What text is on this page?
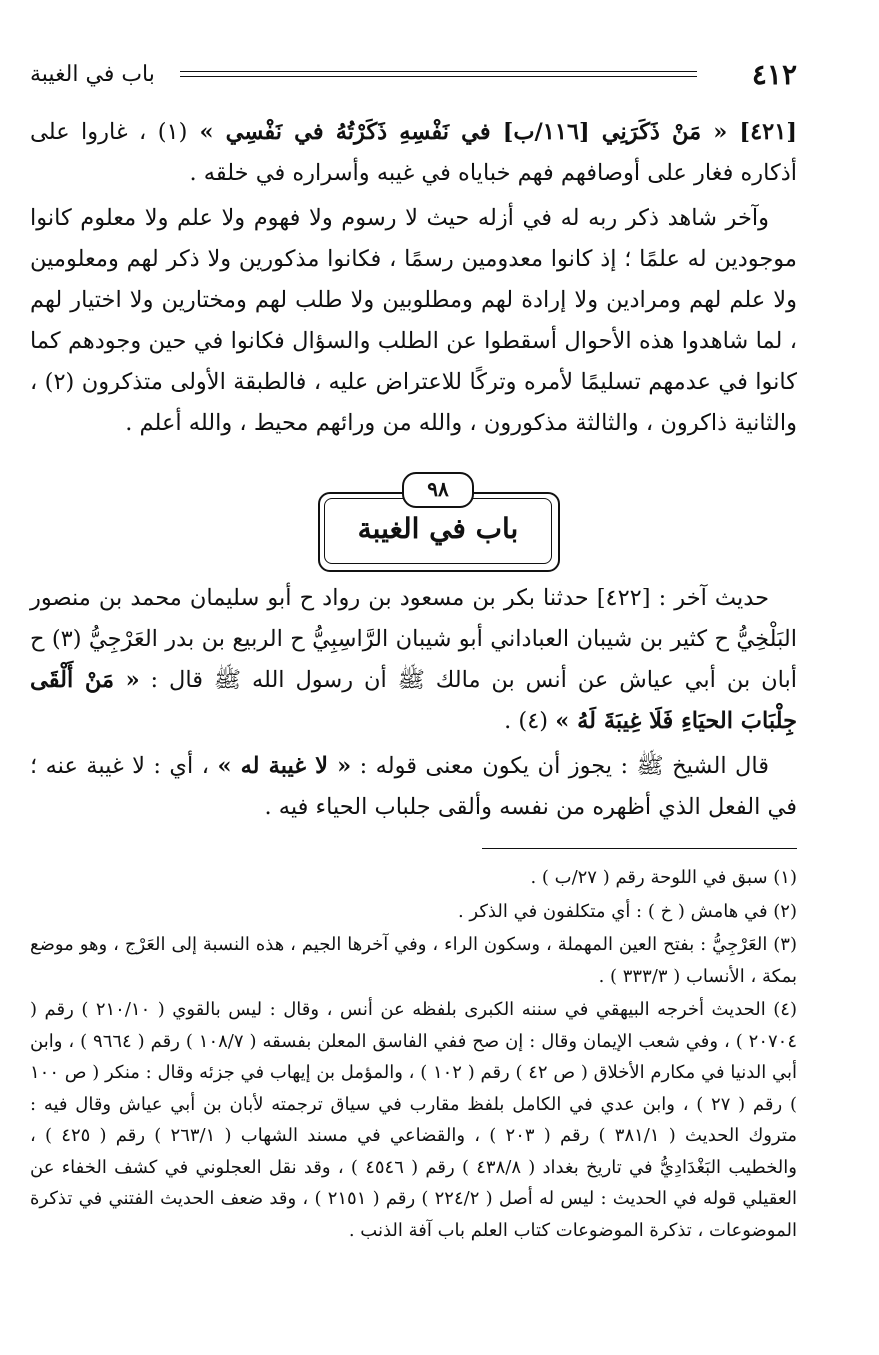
٤١٢
باب في الغيبة

[٤٢١] « مَنْ ذَكَرَنِي [١١٦/ب] في نَفْسِهِ ذَكَرْتُهُ في نَفْسِي » (١) ، غاروا على أذكاره فغار على أوصافهم فهم خباياه في غيبه وأسراره في خلقه .

وآخر شاهد ذكر ربه له في أزله حيث لا رسوم ولا فهوم ولا علم ولا معلوم كانوا موجودين له علمًا ؛ إذ كانوا معدومين رسمًا ، فكانوا مذكورين ولا ذكر لهم ومعلومين ولا علم لهم ومرادين ولا إرادة لهم ومطلوبين ولا طلب لهم ومختارين ولا اختيار لهم ، لما شاهدوا هذه الأحوال أسقطوا عن الطلب والسؤال فكانوا في حين وجودهم كما كانوا في عدمهم تسليمًا لأمره وتركًا للاعتراض عليه ، فالطبقة الأولى متذكرون (٢) ، والثانية ذاكرون ، والثالثة مذكورون ، والله من ورائهم محيط ، والله أعلم .

باب في الغيبة
٩٨

حديث آخر : [٤٢٢] حدثنا بكر بن مسعود بن رواد ح أبو سليمان محمد بن منصور البَلْخِيُّ ح كثير بن شيبان العباداني أبو شيبان الرَّاسِبِيُّ ح الربيع بن بدر العَرْجِيُّ (٣) ح أبان بن أبي عياش عن أنس بن مالك ﷺ أن رسول الله ﷺ قال : « مَنْ أَلْقَى جِلْبَابَ الحيَاءِ فَلَا غِيبَةَ لَهُ » (٤) .

قال الشيخ ﷺ : يجوز أن يكون معنى قوله : « لا غيبة له » ، أي : لا غيبة عنه ؛ في الفعل الذي أظهره من نفسه وألقى جلباب الحياء فيه .

(١) سبق في اللوحة رقم ( ٢٧/ب ) .

(٢) في هامش ( خ ) : أي متكلفون في الذكر .

(٣) العَرْجِيُّ : بفتح العين المهملة ، وسكون الراء ، وفي آخرها الجيم ، هذه النسبة إلى العَرْج ، وهو موضع بمكة ، الأنساب ( ٣٣٣/٣ ) .

(٤) الحديث أخرجه البيهقي في سننه الكبرى بلفظه عن أنس ، وقال : ليس بالقوي ( ٢١٠/١٠ ) رقم ( ٢٠٧٠٤ ) ، وفي شعب الإيمان وقال : إن صح ففي الفاسق المعلن بفسقه ( ١٠٨/٧ ) رقم ( ٩٦٦٤ ) ، وابن أبي الدنيا في مكارم الأخلاق ( ص ٤٢ ) رقم ( ١٠٢ ) ، والمؤمل بن إيهاب في جزئه وقال : منكر ( ص ١٠٠ ) رقم ( ٢٧ ) ، وابن عدي في الكامل بلفظ مقارب في سياق ترجمته لأبان بن أبي عياش وقال فيه : متروك الحديث ( ٣٨١/١ ) رقم ( ٢٠٣ ) ، والقضاعي في مسند الشهاب ( ٢٦٣/١ ) رقم ( ٤٢٥ ) ، والخطيب البَغْدَادِيُّ في تاريخ بغداد ( ٤٣٨/٨ ) رقم ( ٤٥٤٦ ) ، وقد نقل العجلوني في كشف الخفاء عن العقيلي قوله في الحديث : ليس له أصل ( ٢٢٤/٢ ) رقم ( ٢١٥١ ) ، وقد ضعف الحديث الفتني في تذكرة الموضوعات ، تذكرة الموضوعات كتاب العلم باب آفة الذنب .
